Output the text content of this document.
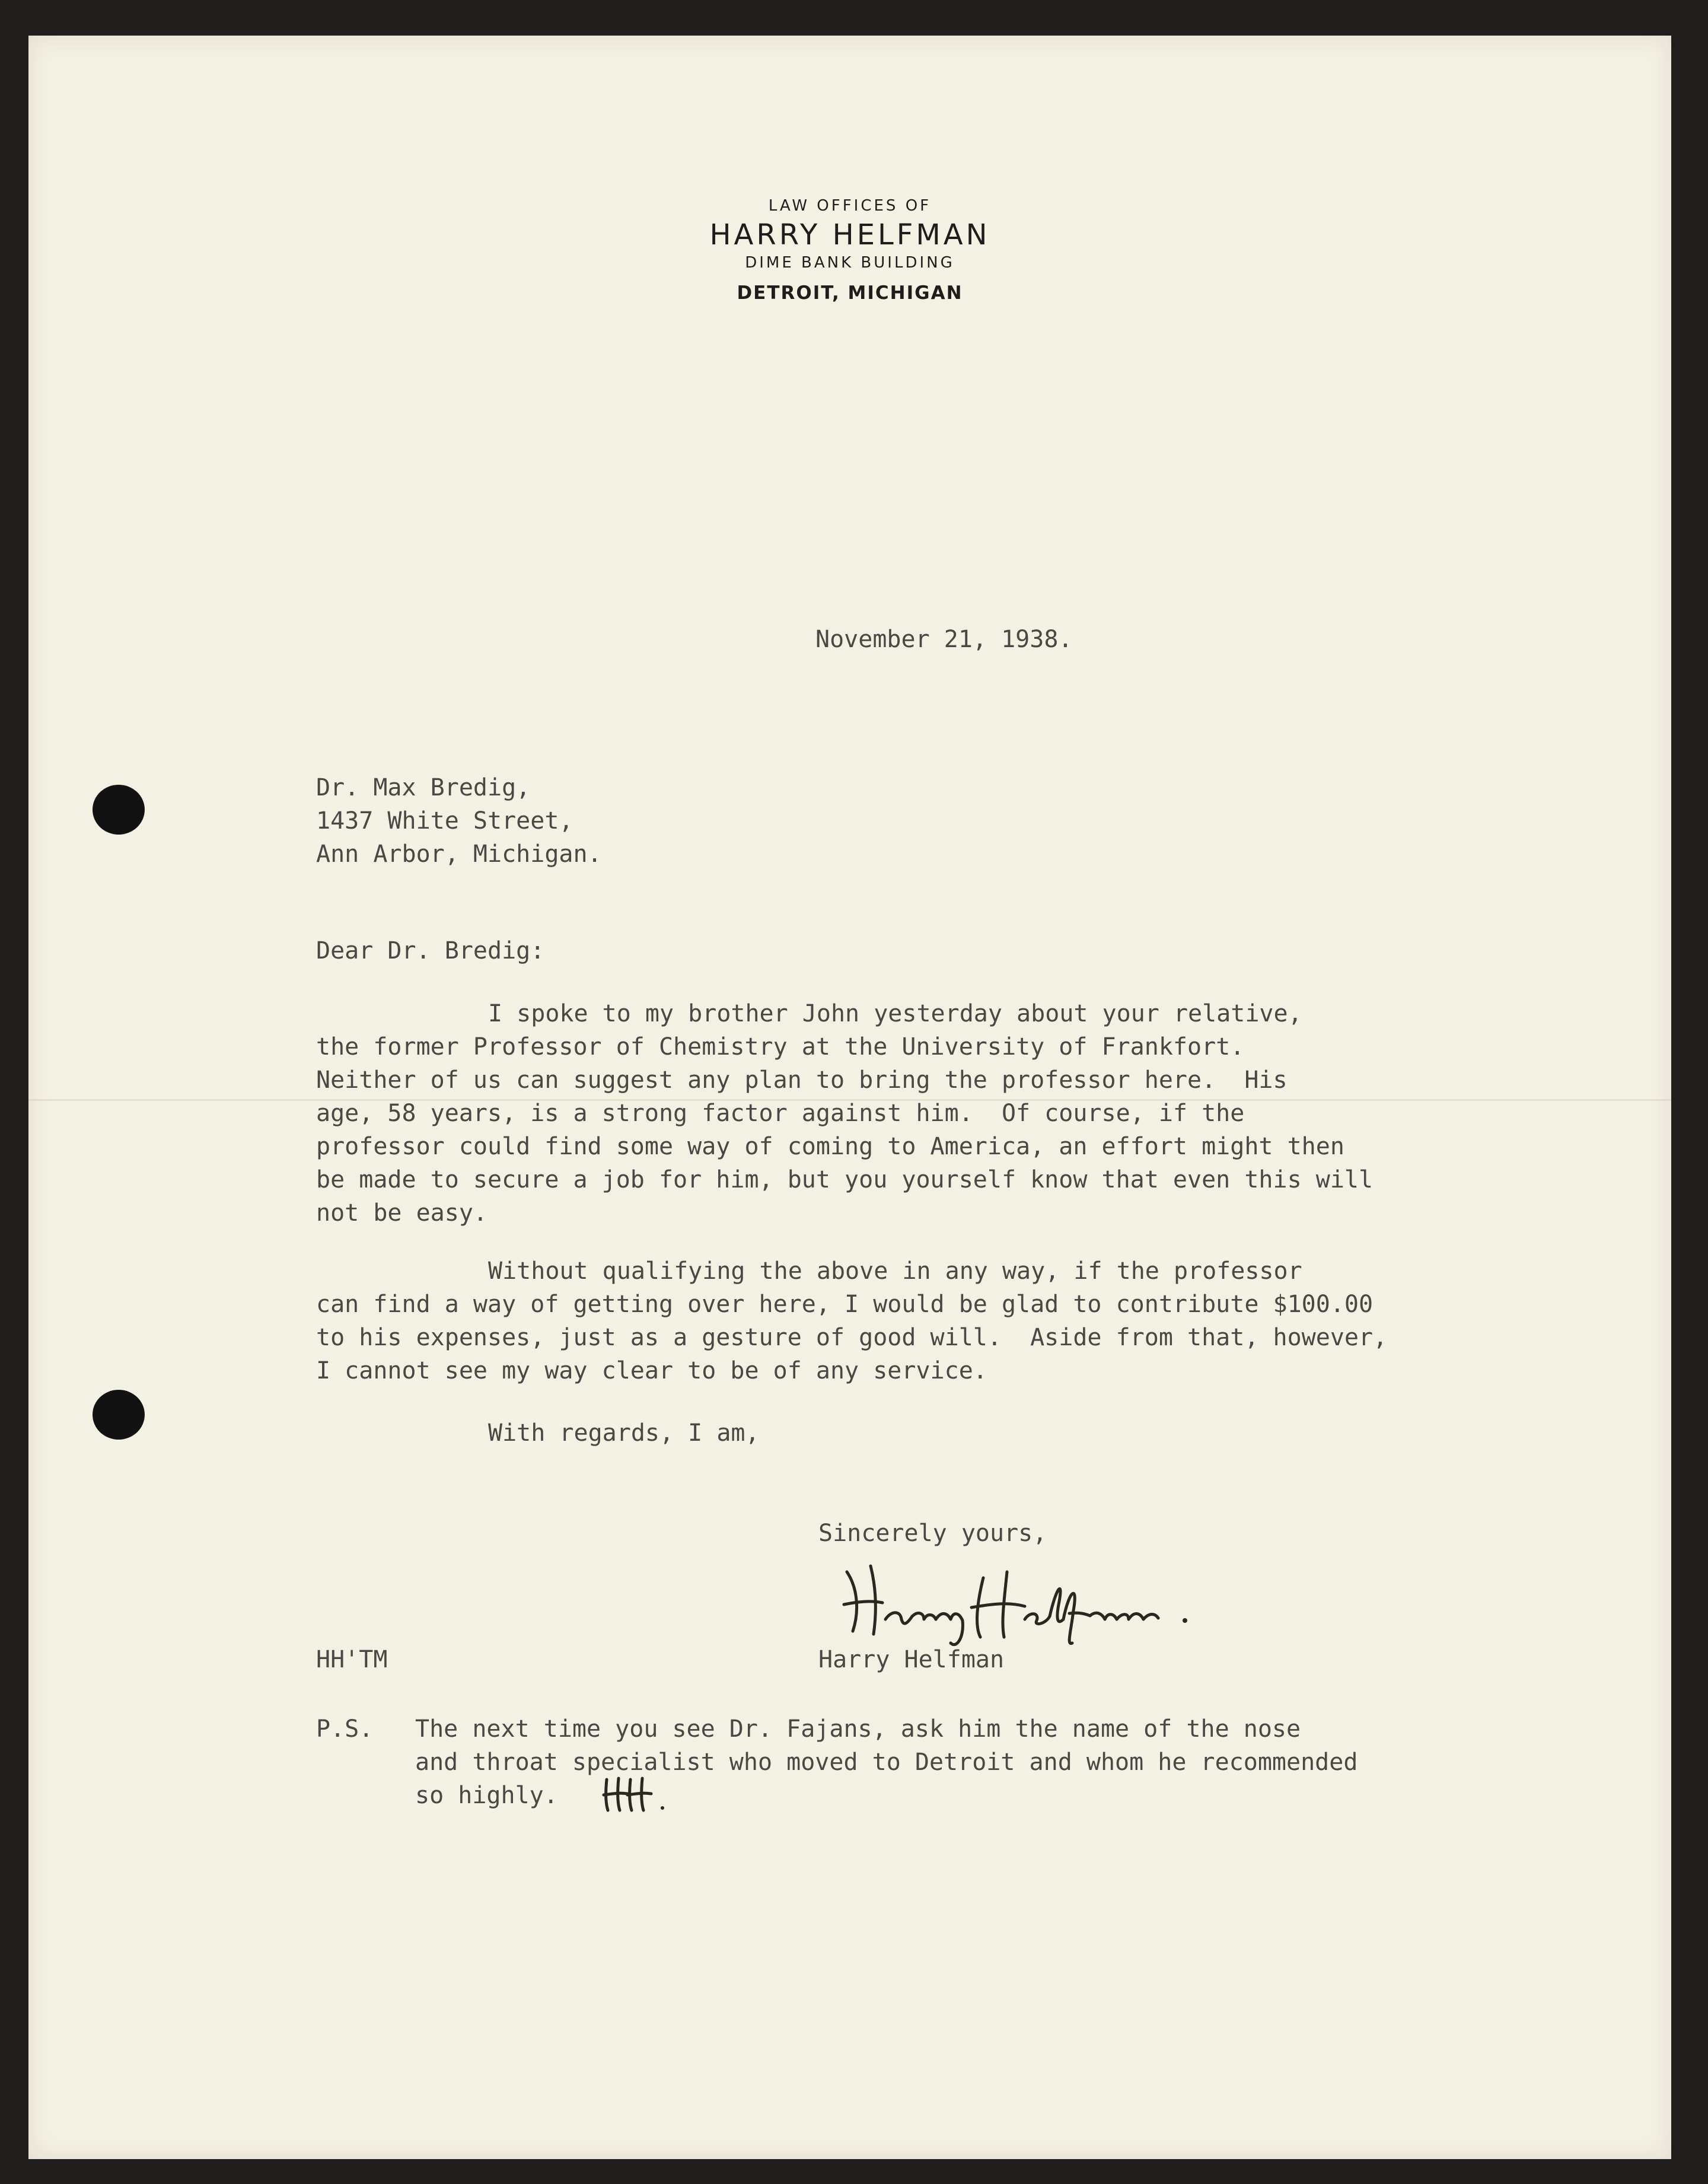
LAW OFFICES OF
HARRY HELFMAN
DIME BANK BUILDING
DETROIT, MICHIGAN
November 21, 1938.
Dr. Max Bredig,
1437 White Street,
Ann Arbor, Michigan.
Dear Dr. Bredig:
I spoke to my brother John yesterday about your relative,
the former Professor of Chemistry at the University of Frankfort.
Neither of us can suggest any plan to bring the professor here.  His
age, 58 years, is a strong factor against him.  Of course, if the
professor could find some way of coming to America, an effort might then
be made to secure a job for him, but you yourself know that even this will
not be easy.
Without qualifying the above in any way, if the professor
can find a way of getting over here, I would be glad to contribute $100.00
to his expenses, just as a gesture of good will.  Aside from that, however,
I cannot see my way clear to be of any service.
With regards, I am,
Sincerely yours,
HH'TM	Harry Helfman
P.S. The next time you see Dr. Fajans, ask him the name of the nose
and throat specialist who moved to Detroit and whom he recommended
so highly.
